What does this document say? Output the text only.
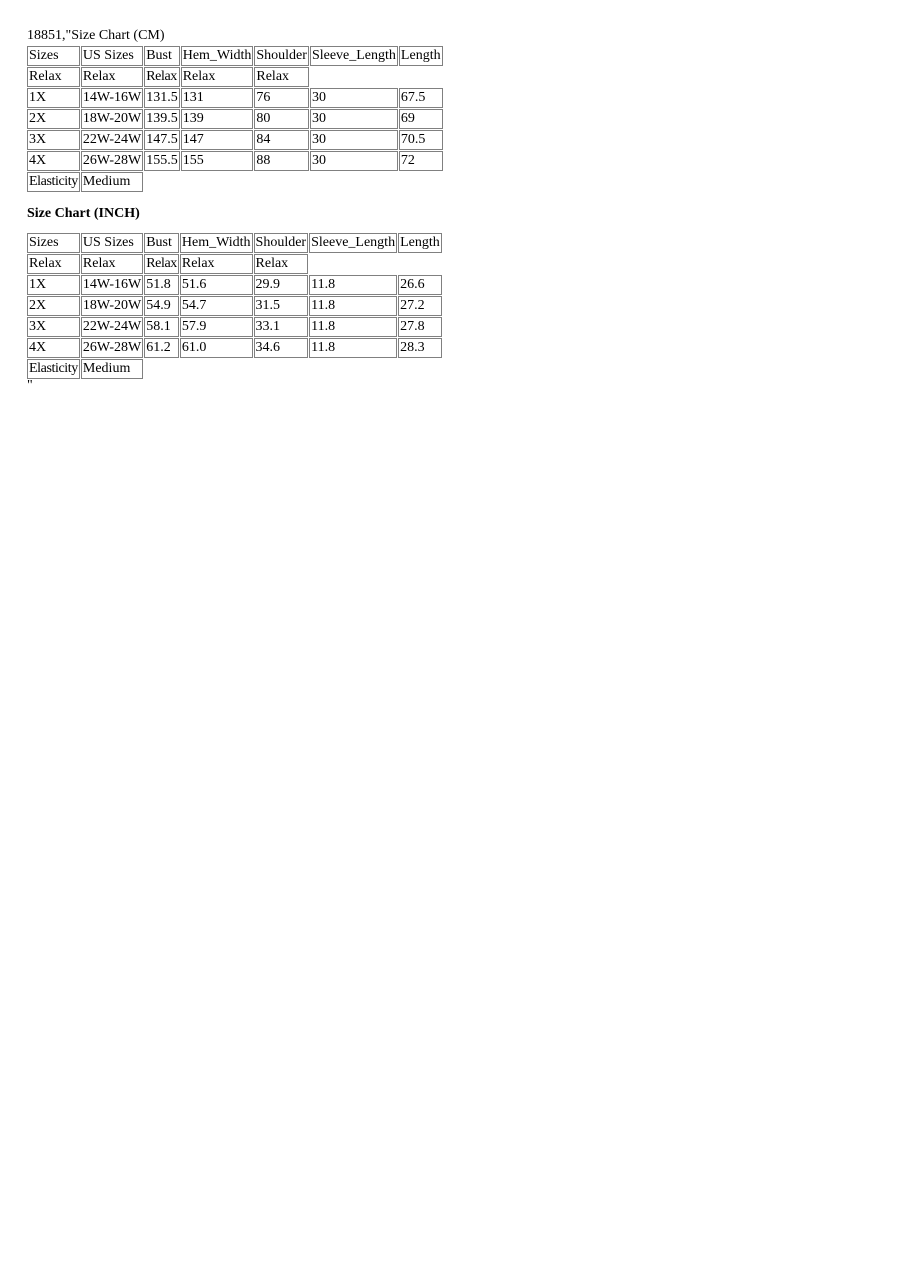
18851,"Size Chart (CM)
Sizes	US Sizes	Bust	Hem_Width	Shoulder	Sleeve_Length	Length
Relax	Relax	Relax	Relax	Relax		
1X	14W-16W	131.5	131	76	30	67.5
2X	18W-20W	139.5	139	80	30	69
3X	22W-24W	147.5	147	84	30	70.5
4X	26W-28W	155.5	155	88	30	72
Elasticity	Medium					
Size Chart (INCH)
Sizes	US Sizes	Bust	Hem_Width	Shoulder	Sleeve_Length	Length
Relax	Relax	Relax	Relax	Relax		
1X	14W-16W	51.8	51.6	29.9	11.8	26.6
2X	18W-20W	54.9	54.7	31.5	11.8	27.2
3X	22W-24W	58.1	57.9	33.1	11.8	27.8
4X	26W-28W	61.2	61.0	34.6	11.8	28.3
Elasticity	Medium					
"
